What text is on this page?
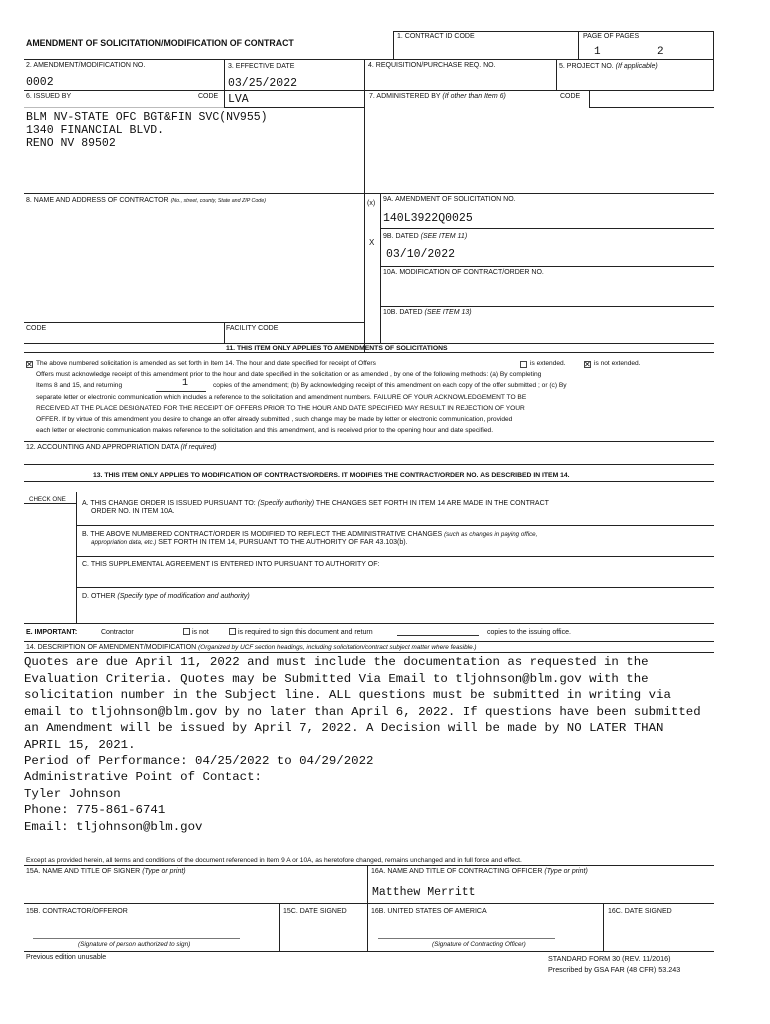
AMENDMENT OF SOLICITATION/MODIFICATION OF CONTRACT
1. CONTRACT ID CODE	PAGE OF PAGES
1	2
2. AMENDMENT/MODIFICATION NO.
0002
3. EFFECTIVE DATE
03/25/2022
4. REQUISITION/PURCHASE REQ. NO.	5. PROJECT NO. (If applicable)
6. ISSUED BY	CODE LVA	7. ADMINISTERED BY (If other than Item 6)	CODE
BLM NV-STATE OFC BGT&FIN SVC(NV955)
1340 FINANCIAL BLVD.
RENO NV 89502
8. NAME AND ADDRESS OF CONTRACTOR (No., street, county, State and ZIP Code)	(x)
9A. AMENDMENT OF SOLICITATION NO.
140L3922Q0025
X
9B. DATED (SEE ITEM 11)
03/10/2022
10A. MODIFICATION OF CONTRACT/ORDER NO.
10B. DATED (SEE ITEM 13)
CODE	FACILITY CODE
11. THIS ITEM ONLY APPLIES TO AMENDMENTS OF SOLICITATIONS
✕ The above numbered solicitation is amended as set forth in Item 14. The hour and date specified for receipt of Offers	is extended. ✕ is not extended.
Offers must acknowledge receipt of this amendment prior to the hour and date specified in the solicitation or as amended , by one of the following methods: (a) By completing
Items 8 and 15, and returning	1	copies of the amendment; (b) By acknowledging receipt of this amendment on each copy of the offer submitted ; or (c) By
separate letter or electronic communication which includes a reference to the solicitation and amendment numbers. FAILURE OF YOUR ACKNOWLEDGEMENT TO BE
RECEIVED AT THE PLACE DESIGNATED FOR THE RECEIPT OF OFFERS PRIOR TO THE HOUR AND DATE SPECIFIED MAY RESULT IN REJECTION OF YOUR
OFFER. If by virtue of this amendment you desire to change an offer already submitted , such change may be made by letter or electronic communication, provided
each letter or electronic communication makes reference to the solicitation and this amendment, and is received prior to the opening hour and date specified.
12. ACCOUNTING AND APPROPRIATION DATA (If required)
13. THIS ITEM ONLY APPLIES TO MODIFICATION OF CONTRACTS/ORDERS. IT MODIFIES THE CONTRACT/ORDER NO. AS DESCRIBED IN ITEM 14.
CHECK ONE
A. THIS CHANGE ORDER IS ISSUED PURSUANT TO: (Specify authority) THE CHANGES SET FORTH IN ITEM 14 ARE MADE IN THE CONTRACT
ORDER NO. IN ITEM 10A.
B. THE ABOVE NUMBERED CONTRACT/ORDER IS MODIFIED TO REFLECT THE ADMINISTRATIVE CHANGES (such as changes in paying office,
appropriation data, etc.) SET FORTH IN ITEM 14, PURSUANT TO THE AUTHORITY OF FAR 43.103(b).
C. THIS SUPPLEMENTAL AGREEMENT IS ENTERED INTO PURSUANT TO AUTHORITY OF:
D. OTHER (Specify type of modification and authority)
E. IMPORTANT:	Contractor	is not	is required to sign this document and return	copies to the issuing office.
14. DESCRIPTION OF AMENDMENT/MODIFICATION (Organized by UCF section headings, including solicitation/contract subject matter where feasible.)
Quotes are due April 11, 2022 and must include the documentation as requested in the
Evaluation Criteria. Quotes may be Submitted Via Email to tljohnson@blm.gov with the
solicitation number in the Subject line. ALL questions must be submitted in writing via
email to tljohnson@blm.gov by no later than April 6, 2022. If questions have been submitted
an Amendment will be issued by April 7, 2022. A Decision will be made by NO LATER THAN
APRIL 15, 2021.
Period of Performance: 04/25/2022 to 04/29/2022
Administrative Point of Contact:
Tyler Johnson
Phone: 775-861-6741
Email: tljohnson@blm.gov
Except as provided herein, all terms and conditions of the document referenced in Item 9 A or 10A, as heretofore changed, remains unchanged and in full force and effect.
15A. NAME AND TITLE OF SIGNER (Type or print)	16A. NAME AND TITLE OF CONTRACTING OFFICER (Type or print)
Matthew Merritt
15B. CONTRACTOR/OFFEROR	15C. DATE SIGNED	16B. UNITED STATES OF AMERICA	16C. DATE SIGNED
(Signature of person authorized to sign)	(Signature of Contracting Officer)
Previous edition unusable	STANDARD FORM 30 (REV. 11/2016)
Prescribed by GSA FAR (48 CFR) 53.243
